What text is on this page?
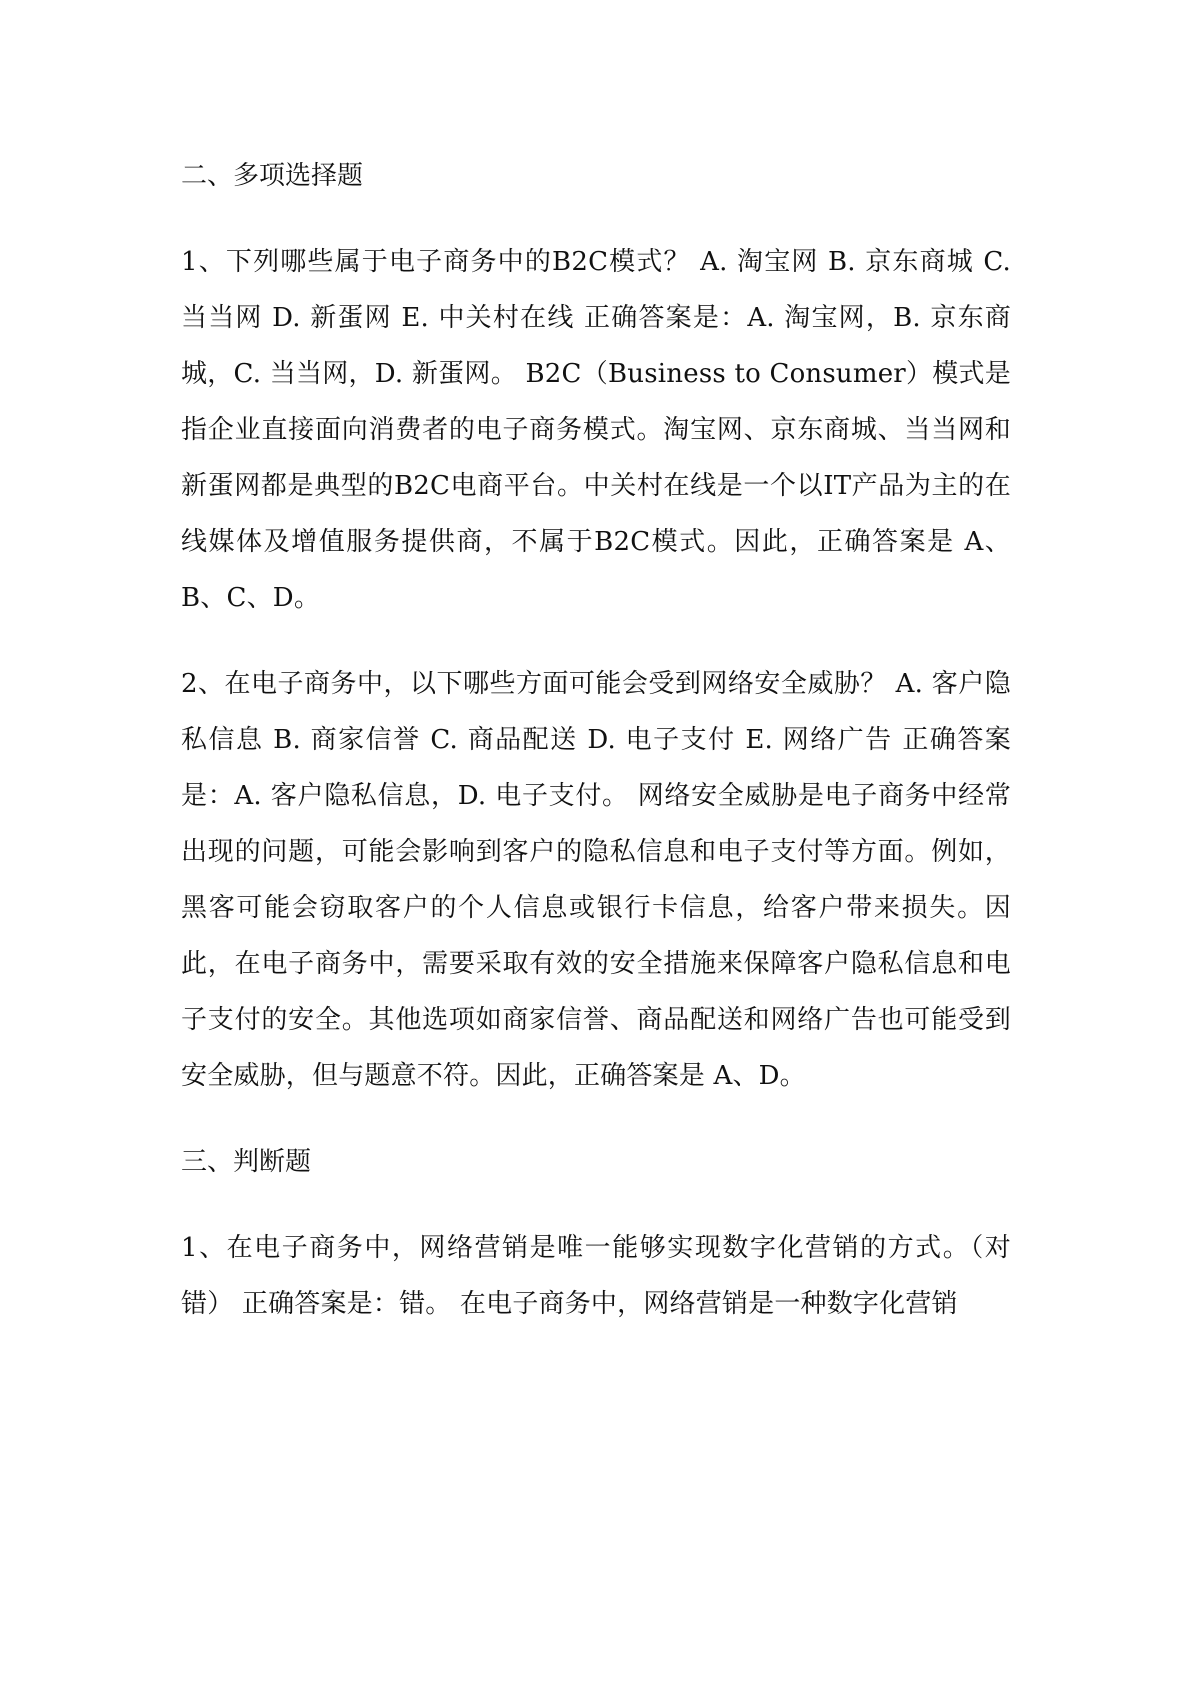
二、多项选择题

1、下列哪些属于电子商务中的B2C模式？ A. 淘宝网 B. 京东商城 C. 当当网 D. 新蛋网 E. 中关村在线 正确答案是：A. 淘宝网，B. 京东商城，C. 当当网，D. 新蛋网。 B2C（Business to Consumer）模式是指企业直接面向消费者的电子商务模式。淘宝网、京东商城、当当网和新蛋网都是典型的B2C电商平台。中关村在线是一个以IT产品为主的在线媒体及增值服务提供商，不属于B2C模式。因此，正确答案是 A、B、C、D。

2、在电子商务中，以下哪些方面可能会受到网络安全威胁？ A. 客户隐私信息 B. 商家信誉 C. 商品配送 D. 电子支付 E. 网络广告 正确答案是：A. 客户隐私信息，D. 电子支付。 网络安全威胁是电子商务中经常出现的问题，可能会影响到客户的隐私信息和电子支付等方面。例如，黑客可能会窃取客户的个人信息或银行卡信息，给客户带来损失。因此，在电子商务中，需要采取有效的安全措施来保障客户隐私信息和电子支付的安全。其他选项如商家信誉、商品配送和网络广告也可能受到安全威胁，但与题意不符。因此，正确答案是 A、D。

三、判断题

1、在电子商务中，网络营销是唯一能够实现数字化营销的方式。（对错） 正确答案是：错。 在电子商务中，网络营销是一种数字化营销
